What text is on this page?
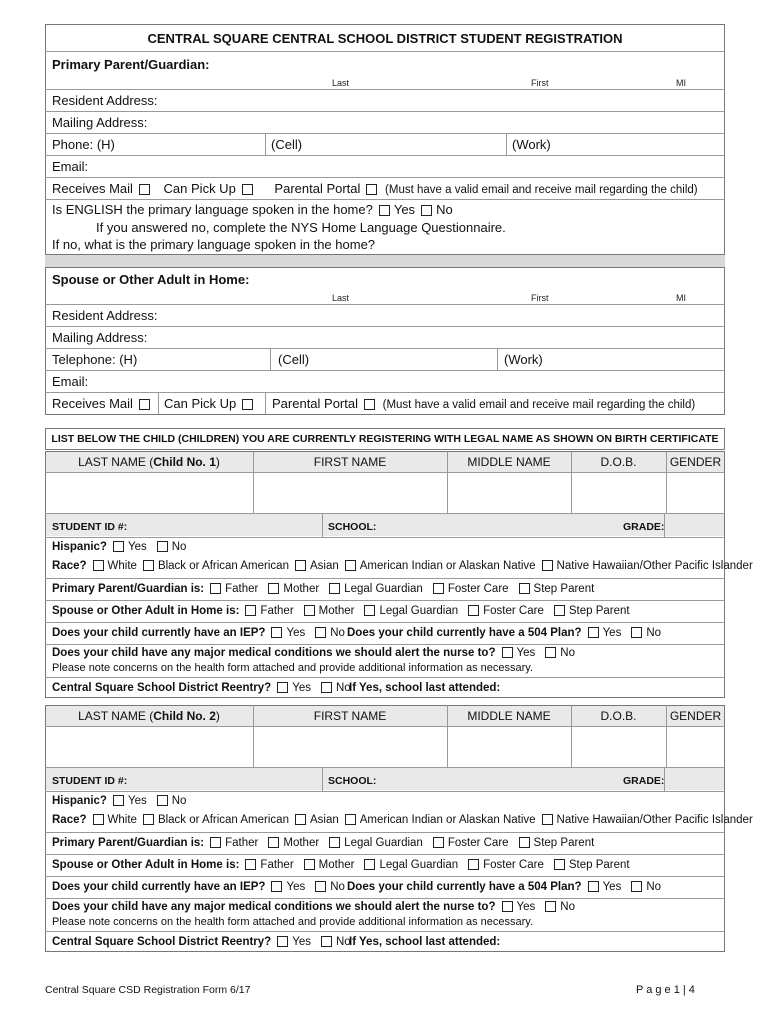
CENTRAL SQUARE CENTRAL SCHOOL DISTRICT STUDENT REGISTRATION
Primary Parent/Guardian:
Last	First	MI
Resident Address:
Mailing Address:
Phone: (H)	(Cell)	(Work)
Email:
Receives Mail Can Pick Up	Parental Portal (Must have a valid email and receive mail regarding the child)
Is ENGLISH the primary language spoken in the home? Yes No
If you answered no, complete the NYS Home Language Questionnaire.
If no, what is the primary language spoken in the home?
Spouse or Other Adult in Home:
Last	First	MI
Resident Address:
Mailing Address:
Telephone: (H)	(Cell)	(Work)
Email:
Receives Mail	Can Pick Up	Parental Portal (Must have a valid email and receive mail regarding the child)
LIST BELOW THE CHILD (CHILDREN) YOU ARE CURRENTLY REGISTERING WITH LEGAL NAME AS SHOWN ON BIRTH CERTIFICATE
LAST NAME (Child No. 1)	FIRST NAME	MIDDLE NAME	D.O.B.	GENDER
STUDENT ID #:	SCHOOL:	GRADE:
Hispanic? Yes No
Race? White Black or African American Asian American Indian or Alaskan Native Native Hawaiian/Other Pacific Islander
Primary Parent/Guardian is: Father Mother Legal Guardian Foster Care Step Parent
Spouse or Other Adult in Home is: Father Mother Legal Guardian Foster Care Step Parent
Does your child currently have an IEP? Yes No Does your child currently have a 504 Plan? Yes No
Does your child have any major medical conditions we should alert the nurse to? Yes No
Please note concerns on the health form attached and provide additional information as necessary.
Central Square School District Reentry? Yes No
If Yes, school last attended:
LAST NAME (Child No. 2)	FIRST NAME	MIDDLE NAME	D.O.B.	GENDER
STUDENT ID #:	SCHOOL:	GRADE:
Hispanic? Yes No
Race? White Black or African American Asian American Indian or Alaskan Native Native Hawaiian/Other Pacific Islander
Primary Parent/Guardian is: Father Mother Legal Guardian Foster Care Step Parent
Spouse or Other Adult in Home is: Father Mother Legal Guardian Foster Care Step Parent
Does your child currently have an IEP? Yes No Does your child currently have a 504 Plan? Yes No
Does your child have any major medical conditions we should alert the nurse to? Yes No
Please note concerns on the health form attached and provide additional information as necessary.
Central Square School District Reentry? Yes No
If Yes, school last attended:
Central Square CSD Registration Form 6/17	P a g e 1 | 4
